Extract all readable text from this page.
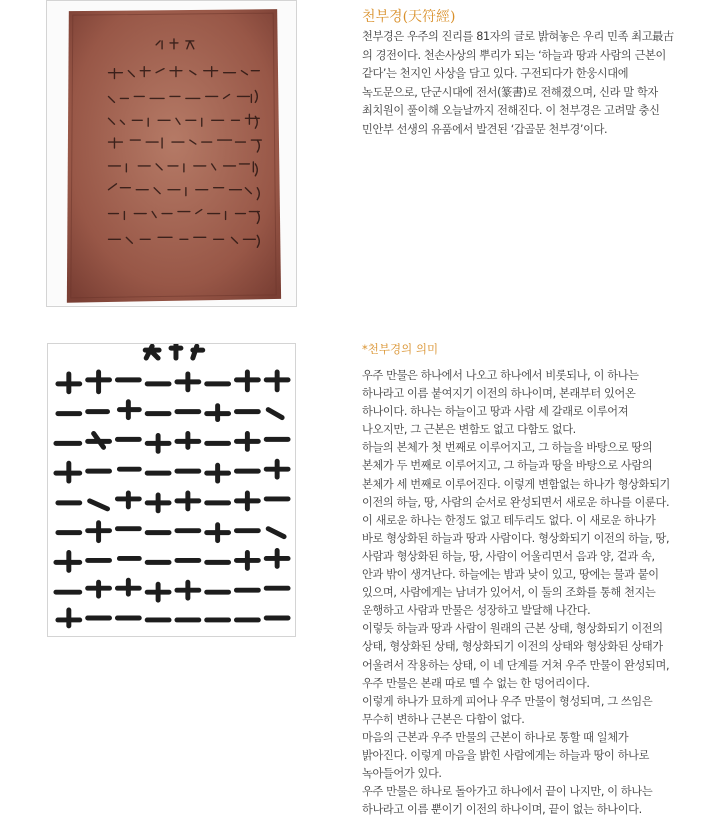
천부경(天符經)
천부경은 우주의 진리를 81자의 글로 밝혀놓은 우리 민족 최고最古
의 경전이다. 천손사상의 뿌리가 되는 ‘하늘과 땅과 사람의 근본이
같다’는 천지인 사상을 담고 있다. 구전되다가 한웅시대에
녹도문으로, 단군시대에 전서(篆書)로 전해졌으며, 신라 말 학자
최치원이 풀이해 오늘날까지 전해진다. 이 천부경은 고려말 충신
민안부 선생의 유품에서 발견된 ‘갑골문 천부경’이다.
*천부경의 의미
우주 만물은 하나에서 나오고 하나에서 비롯되나, 이 하나는
하나라고 이름 붙여지기 이전의 하나이며, 본래부터 있어온
하나이다. 하나는 하늘이고 땅과 사람 세 갈래로 이루어져
나오지만, 그 근본은 변함도 없고 다함도 없다.
하늘의 본체가 첫 번째로 이루어지고, 그 하늘을 바탕으로 땅의
본체가 두 번째로 이루어지고, 그 하늘과 땅을 바탕으로 사람의
본체가 세 번째로 이루어진다. 이렇게 변함없는 하나가 형상화되기
이전의 하늘, 땅, 사람의 순서로 완성되면서 새로운 하나를 이룬다.
이 새로운 하나는 한정도 없고 테두리도 없다. 이 새로운 하나가
바로 형상화된 하늘과 땅과 사람이다. 형상화되기 이전의 하늘, 땅,
사람과 형상화된 하늘, 땅, 사람이 어울리면서 음과 양, 겉과 속,
안과 밖이 생겨난다. 하늘에는 밤과 낮이 있고, 땅에는 물과 뭍이
있으며, 사람에게는 남녀가 있어서, 이 둘의 조화를 통해 천지는
운행하고 사람과 만물은 성장하고 발달해 나간다.
이렇듯 하늘과 땅과 사람이 원래의 근본 상태, 형상화되기 이전의
상태, 형상화된 상태, 형상화되기 이전의 상태와 형상화된 상태가
어울려서 작용하는 상태, 이 네 단계를 거쳐 우주 만물이 완성되며,
우주 만물은 본래 따로 뗄 수 없는 한 덩어리이다.
이렇게 하나가 묘하게 피어나 우주 만물이 형성되며, 그 쓰임은
무수히 변하나 근본은 다함이 없다.
마음의 근본과 우주 만물의 근본이 하나로 통할 때 일체가
밝아진다. 이렇게 마음을 밝힌 사람에게는 하늘과 땅이 하나로
녹아들어가 있다.
우주 만물은 하나로 돌아가고 하나에서 끝이 나지만, 이 하나는
하나라고 이름 뿐이기 이전의 하나이며, 끝이 없는 하나이다.
